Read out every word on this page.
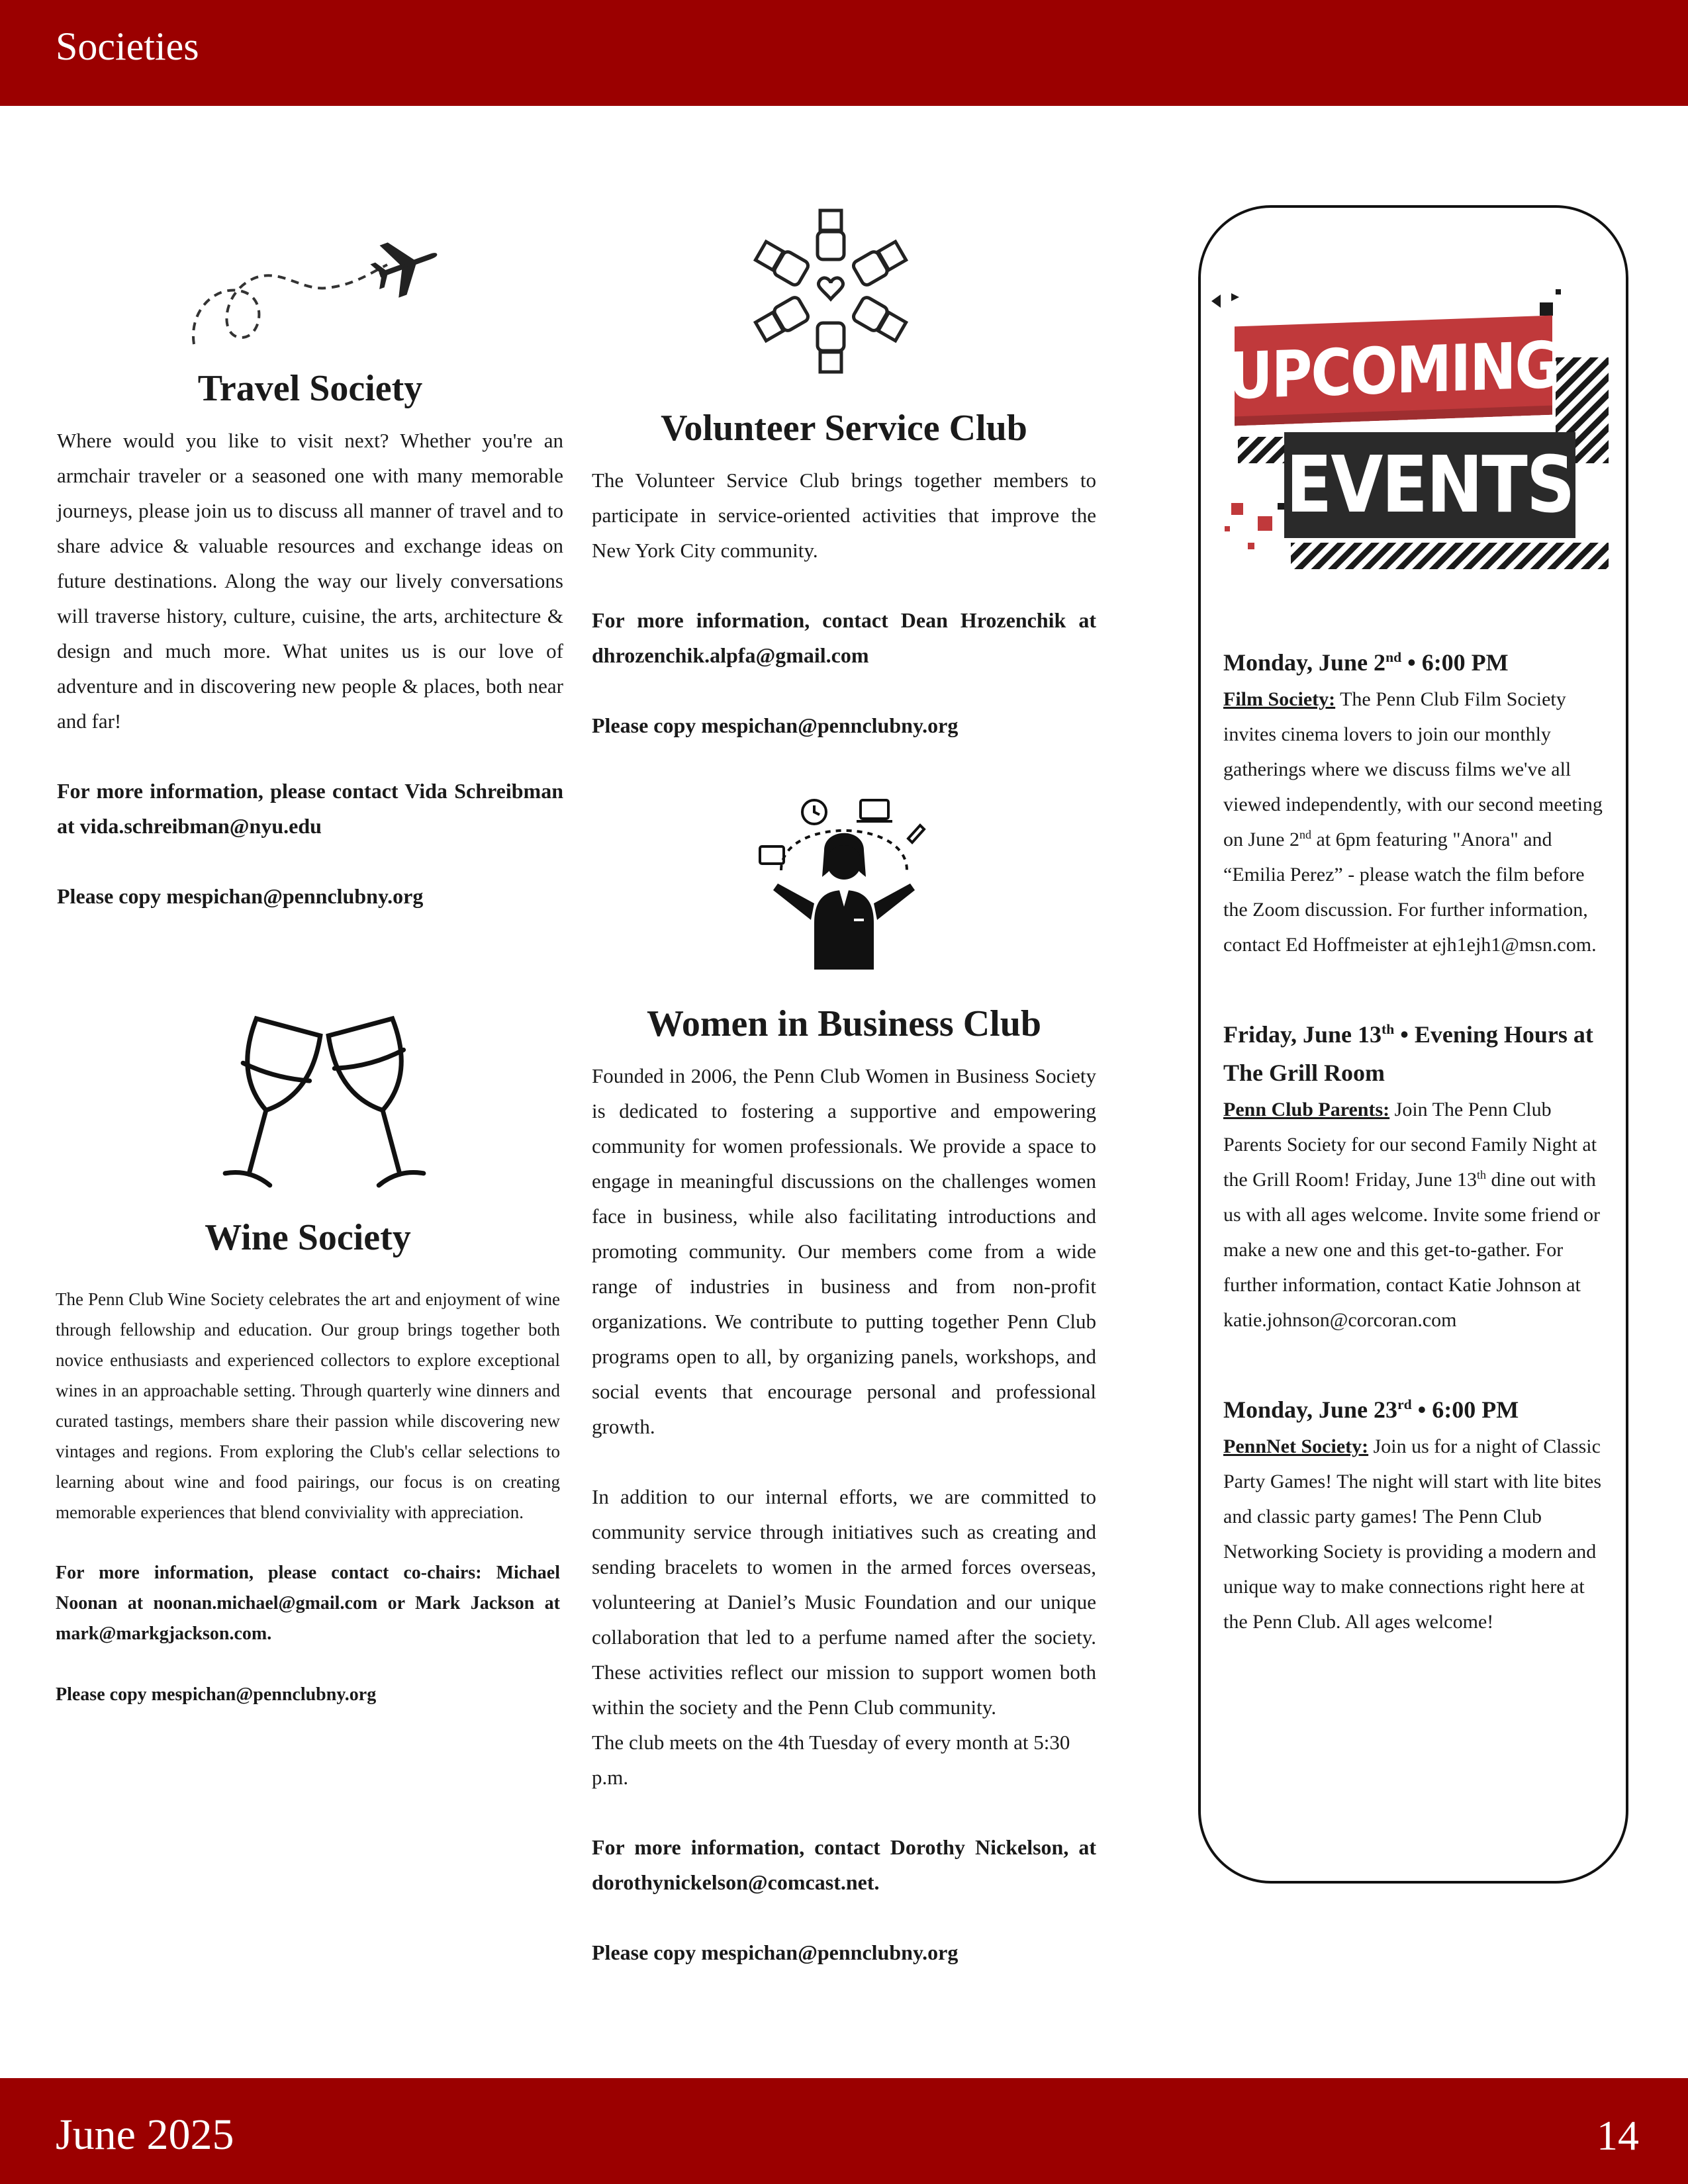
Societies
Travel Society

Where would you like to visit next? Whether you're an armchair traveler or a seasoned one with many memorable journeys, please join us to discuss all manner of travel and to share advice & valuable resources and exchange ideas on future destinations. Along the way our lively conversations will traverse history, culture, cuisine, the arts, architecture & design and much more. What unites us is our love of adventure and in discovering new people & places, both near and far!

For more information, please contact Vida Schreibman at vida.schreibman@nyu.edu

Please copy mespichan@pennclubny.org

Wine Society

The Penn Club Wine Society celebrates the art and enjoyment of wine through fellowship and education. Our group brings together both novice enthusiasts and experienced collectors to explore exceptional wines in an approachable setting. Through quarterly wine dinners and curated tastings, members share their passion while discovering new vintages and regions. From exploring the Club's cellar selections to learning about wine and food pairings, our focus is on creating memorable experiences that blend conviviality with appreciation.

For more information, please contact co-chairs: Michael Noonan at noonan.michael@gmail.com or Mark Jackson at mark@markgjackson.com.

Please copy mespichan@pennclubny.org

Volunteer Service Club

The Volunteer Service Club brings together members to participate in service-oriented activities that improve the New York City community.

For more information, contact Dean Hrozenchik at dhrozenchik.alpfa@gmail.com

Please copy mespichan@pennclubny.org

Women in Business Club

Founded in 2006, the Penn Club Women in Business Society is dedicated to fostering a supportive and empowering community for women professionals. We provide a space to engage in meaningful discussions on the challenges women face in business, while also facilitating introductions and promoting community. Our members come from a wide range of industries in business and from non-profit organizations. We contribute to putting together Penn Club programs open to all, by organizing panels, workshops, and social events that encourage personal and professional growth.

In addition to our internal efforts, we are committed to community service through initiatives such as creating and sending bracelets to women in the armed forces overseas, volunteering at Daniel’s Music Foundation and our unique collaboration that led to a perfume named after the society. These activities reflect our mission to support women both within the society and the Penn Club community.

The club meets on the 4th Tuesday of every month at 5:30 p.m.

For more information, contact Dorothy Nickelson, at dorothynickelson@comcast.net.

Please copy mespichan@pennclubny.org

UPCOMING
EVENTS

Monday, June 2nd • 6:00 PM

Film Society: The Penn Club Film Society invites cinema lovers to join our monthly gatherings where we discuss films we've all viewed independently, with our second meeting on June 2nd at 6pm featuring "Anora" and “Emilia Perez” - please watch the film before the Zoom discussion. For further information, contact Ed Hoffmeister at ejh1ejh1@msn.com.

Friday, June 13th • Evening Hours at The Grill Room

Penn Club Parents: Join The Penn Club Parents Society for our second Family Night at the Grill Room! Friday, June 13th dine out with us with all ages welcome. Invite some friend or make a new one and this get-to-gather. For further information, contact Katie Johnson at katie.johnson@corcoran.com

Monday, June 23rd • 6:00 PM

PennNet Society: Join us for a night of Classic Party Games! The night will start with lite bites and classic party games! The Penn Club Networking Society is providing a modern and unique way to make connections right here at the Penn Club. All ages welcome!

June 2025	14
